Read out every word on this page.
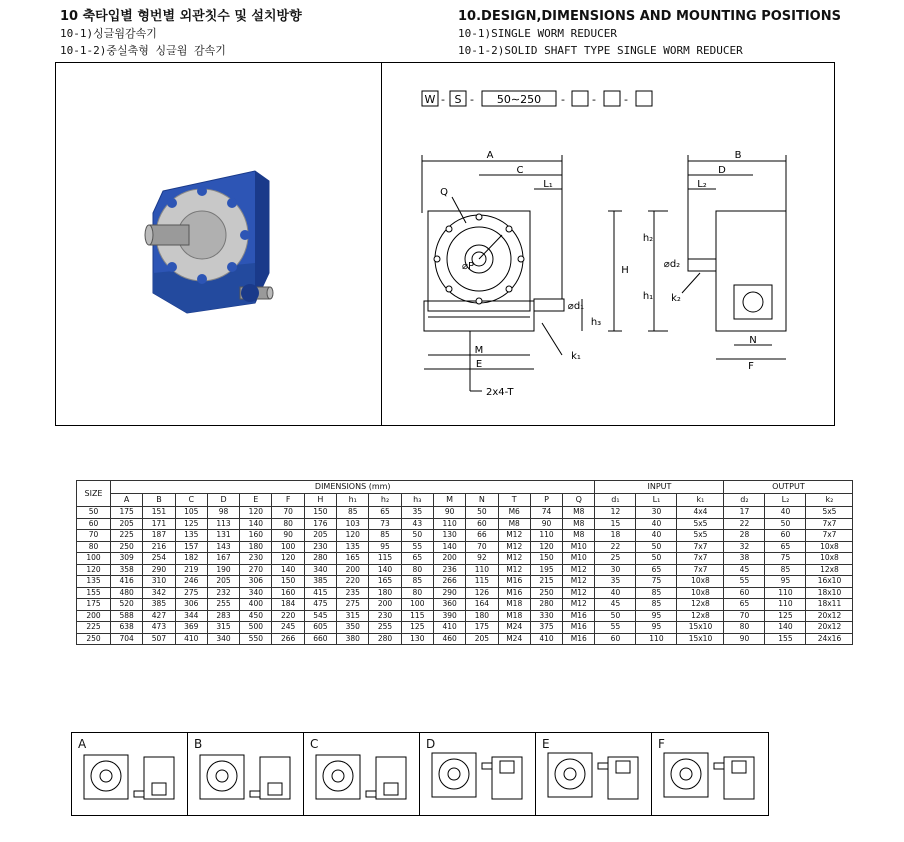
10 축타입별 형번별 외관칫수 및 설치방향
10-1)싱글웜감속기
10-1-2)중실축형 싱글웜 감속기
10.DESIGN,DIMENSIONS AND MOUNTING POSITIONS
10-1)SINGLE WORM REDUCER
10-1-2)SOLID SHAFT TYPE SINGLE WORM REDUCER
W - S - 50∼250 - -	-
A
C
L₁
Q
⌀P	H
⌀d₁
h₃
M
E
k₁
2x4-T
B
D
L₂
h₂
⌀d₂
h₁ k₂
N
F
SIZE	DIMENSIONS (mm)															INPUT			OUTPUT		
	A	B	C	D	E	F	H	h₁	h₂	h₃	M	N	T	P	Q	d₁	L₁	k₁	d₂	L₂	k₂
50	175	151	105	98	120	70	150	85	65	35	90	50	M6	74	M8	12	30	4x4	17	40	5x5
60	205	171	125	113	140	80	176	103	73	43	110	60	M8	90	M8	15	40	5x5	22	50	7x7
70	225	187	135	131	160	90	205	120	85	50	130	66	M12	110	M8	18	40	5x5	28	60	7x7
80	250	216	157	143	180	100	230	135	95	55	140	70	M12	120	M10	22	50	7x7	32	65	10x8
100	309	254	182	167	230	120	280	165	115	65	200	92	M12	150	M10	25	50	7x7	38	75	10x8
120	358	290	219	190	270	140	340	200	140	80	236	110	M12	195	M12	30	65	7x7	45	85	12x8
135	416	310	246	205	306	150	385	220	165	85	266	115	M16	215	M12	35	75	10x8	55	95	16x10
155	480	342	275	232	340	160	415	235	180	80	290	126	M16	250	M12	40	85	10x8	60	110	18x10
175	520	385	306	255	400	184	475	275	200	100	360	164	M18	280	M12	45	85	12x8	65	110	18x11
200	588	427	344	283	450	220	545	315	230	115	390	180	M18	330	M16	50	95	12x8	70	125	20x12
225	638	473	369	315	500	245	605	350	255	125	410	175	M24	375	M16	55	95	15x10	80	140	20x12
250	704	507	410	340	550	266	660	380	280	130	460	205	M24	410	M16	60	110	15x10	90	155	24x16
A	B	C	D	E	F
